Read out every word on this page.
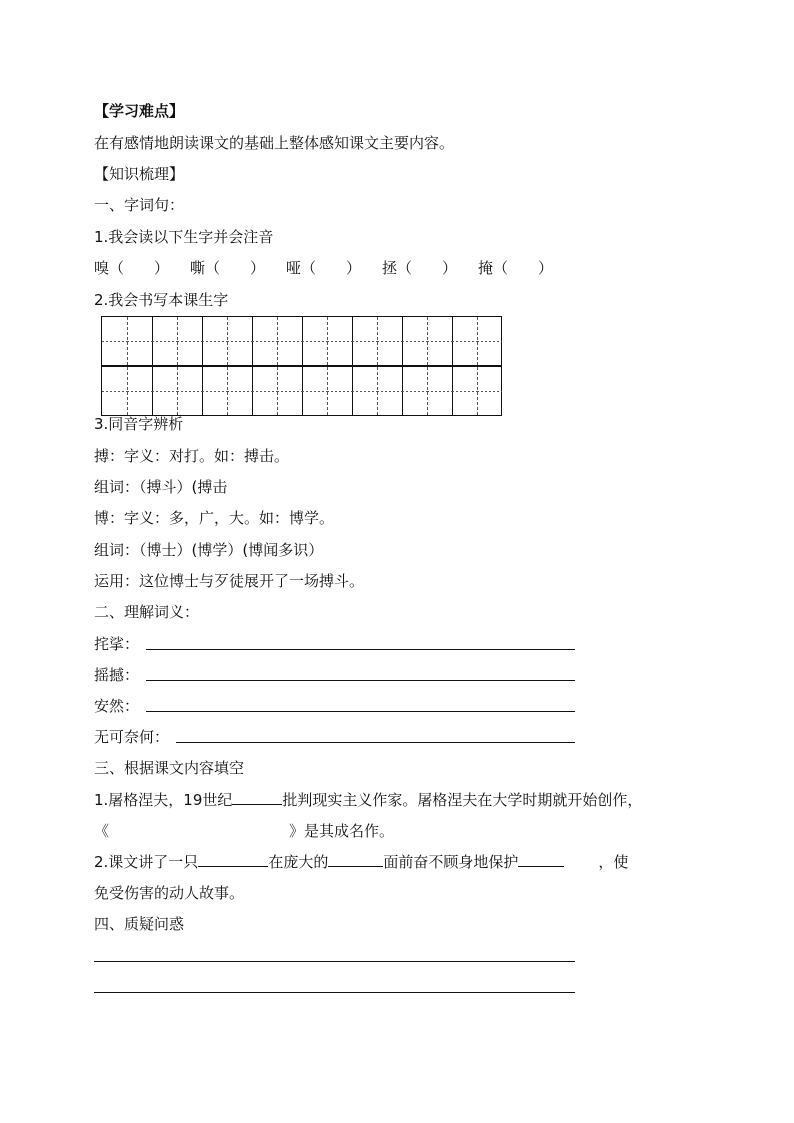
【学习难点】
在有感情地朗读课文的基础上整体感知课文主要内容。
【知识梳理】
一、字词句：
1.我会读以下生字并会注音
嗅（ ） 嘶（ ） 哑（ ） 拯（ ） 掩（ ）
2.我会书写本课生字
3.同音字辨析
搏：字义：对打。如：搏击。
组词：（搏斗）(搏击
博：字义：多，广，大。如：博学。
组词：（博士）(博学）(博闻多识）
运用：这位博士与歹徒展开了一场搏斗。
二、理解词义：
挓挲：
摇撼：
安然：
无可奈何：
三、根据课文内容填空
1.屠格涅夫，19世纪	批判现实主义作家。屠格涅夫在大学时期就开始创作，
《	》是其成名作。
2.课文讲了一只	在庞大的	面前奋不顾身地保护	，使
免受伤害的动人故事。
四、质疑问惑
